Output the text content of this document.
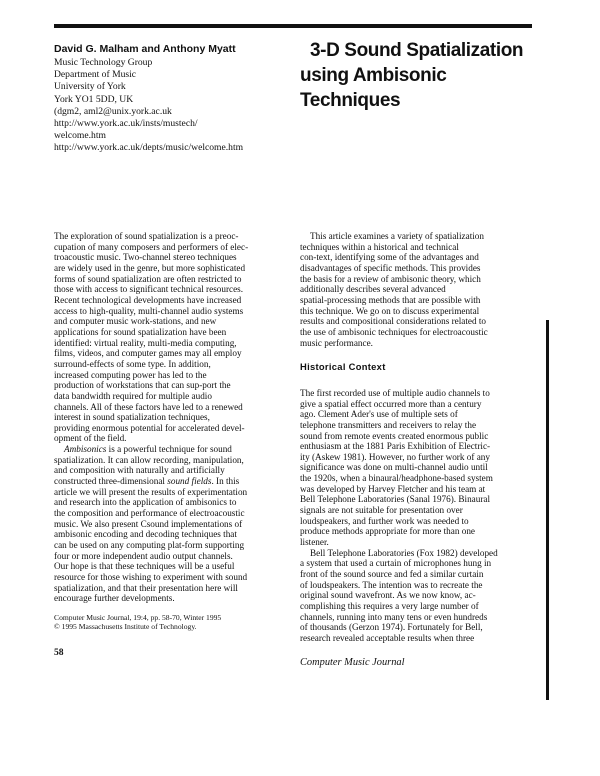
David G. Malham and Anthony Myatt
Music Technology Group
Department of Music
University of York
York YO1 5DD, UK
(dgm2, aml2@unix.york.ac.uk
http://www.york.ac.uk/insts/mustech/
welcome.htm
http://www.york.ac.uk/depts/music/welcome.htm
3-D Sound Spatialization
using Ambisonic
Techniques
The exploration of sound spatialization is a preoc-
cupation of many composers and performers of elec-
troacoustic music. Two-channel stereo techniques
are widely used in the genre, but more sophisticated
forms of sound spatialization are often restricted to
those with access to significant technical resources.
Recent technological developments have increased
access to high-quality, multi-channel audio systems
and computer music work-stations, and new
applications for sound spatialization have been
identified: virtual reality, multi-media computing,
films, videos, and computer games may all employ
surround-effects of some type. In addition,
increased computing power has led to the
production of workstations that can sup-port the
data bandwidth required for multiple audio
channels. All of these factors have led to a renewed
interest in sound spatialization techniques,
providing enormous potential for accelerated devel-
opment of the field.
Ambisonics is a powerful technique for sound
spatialization. It can allow recording, manipulation,
and composition with naturally and artificially
constructed three-dimensional sound fields. In this
article we will present the results of experimentation
and research into the application of ambisonics to
the composition and performance of electroacoustic
music. We also present Csound implementations of
ambisonic encoding and decoding techniques that
can be used on any computing plat-form supporting
four or more independent audio output channels.
Our hope is that these techniques will be a useful
resource for those wishing to experiment with sound
spatialization, and that their presentation here will
encourage further developments.
This article examines a variety of spatialization
techniques within a historical and technical
con-text, identifying some of the advantages and
disadvantages of specific methods. This provides
the basis for a review of ambisonic theory, which
additionally describes several advanced
spatial-processing methods that are possible with
this technique. We go on to discuss experimental
results and compositional considerations related to
the use of ambisonic techniques for electroacoustic
music performance.
Historical Context
The first recorded use of multiple audio channels to
give a spatial effect occurred more than a century
ago. Clement Ader's use of multiple sets of
telephone transmitters and receivers to relay the
sound from remote events created enormous public
enthusiasm at the 1881 Paris Exhibition of Electric-
ity (Askew 1981). However, no further work of any
significance was done on multi-channel audio until
the 1920s, when a binaural/headphone-based system
was developed by Harvey Fletcher and his team at
Bell Telephone Laboratories (Sanal 1976). Binaural
signals are not suitable for presentation over
loudspeakers, and further work was needed to
produce methods appropriate for more than one
listener.
Bell Telephone Laboratories (Fox 1982) developed
a system that used a curtain of microphones hung in
front of the sound source and fed a similar curtain
of loudspeakers. The intention was to recreate the
original sound wavefront. As we now know, ac-
complishing this requires a very large number of
channels, running into many tens or even hundreds
of thousands (Gerzon 1974). Fortunately for Bell,
research revealed acceptable results when three
Computer Music Journal, 19:4, pp. 58-70, Winter 1995
© 1995 Massachusetts Institute of Technology.
58
Computer Music Journal
